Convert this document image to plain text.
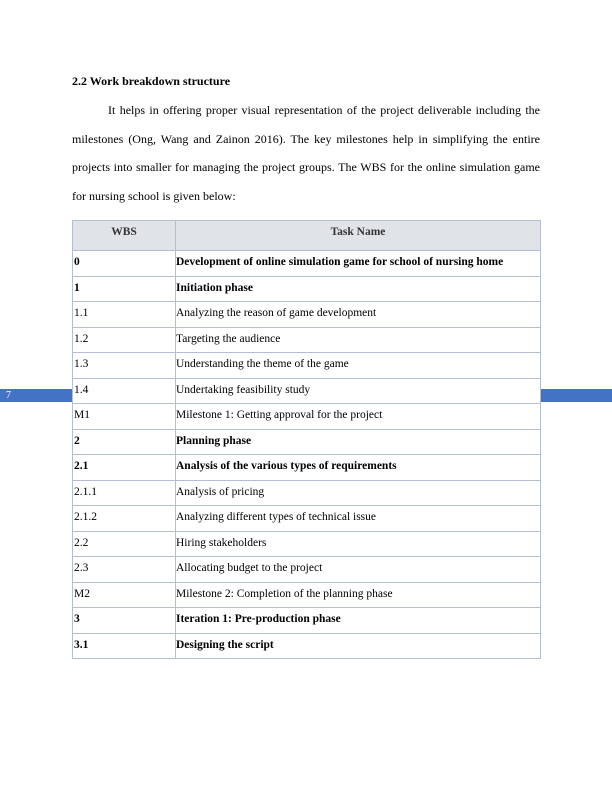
7
2.2 Work breakdown structure

It helps in offering proper visual representation of the project deliverable including the milestones (Ong, Wang and Zainon 2016). The key milestones help in simplifying the entire projects into smaller for managing the project groups. The WBS for the online simulation game for nursing school is given below:

WBS	Task Name
0	Development of online simulation game for school of nursing home
1	Initiation phase
1.1	Analyzing the reason of game development
1.2	Targeting the audience
1.3	Understanding the theme of the game
1.4	Undertaking feasibility study
M1	Milestone 1: Getting approval for the project
2	Planning phase
2.1	Analysis of the various types of requirements
2.1.1	Analysis of pricing
2.1.2	Analyzing different types of technical issue
2.2	Hiring stakeholders
2.3	Allocating budget to the project
M2	Milestone 2: Completion of the planning phase
3	Iteration 1: Pre-production phase
3.1	Designing the script
